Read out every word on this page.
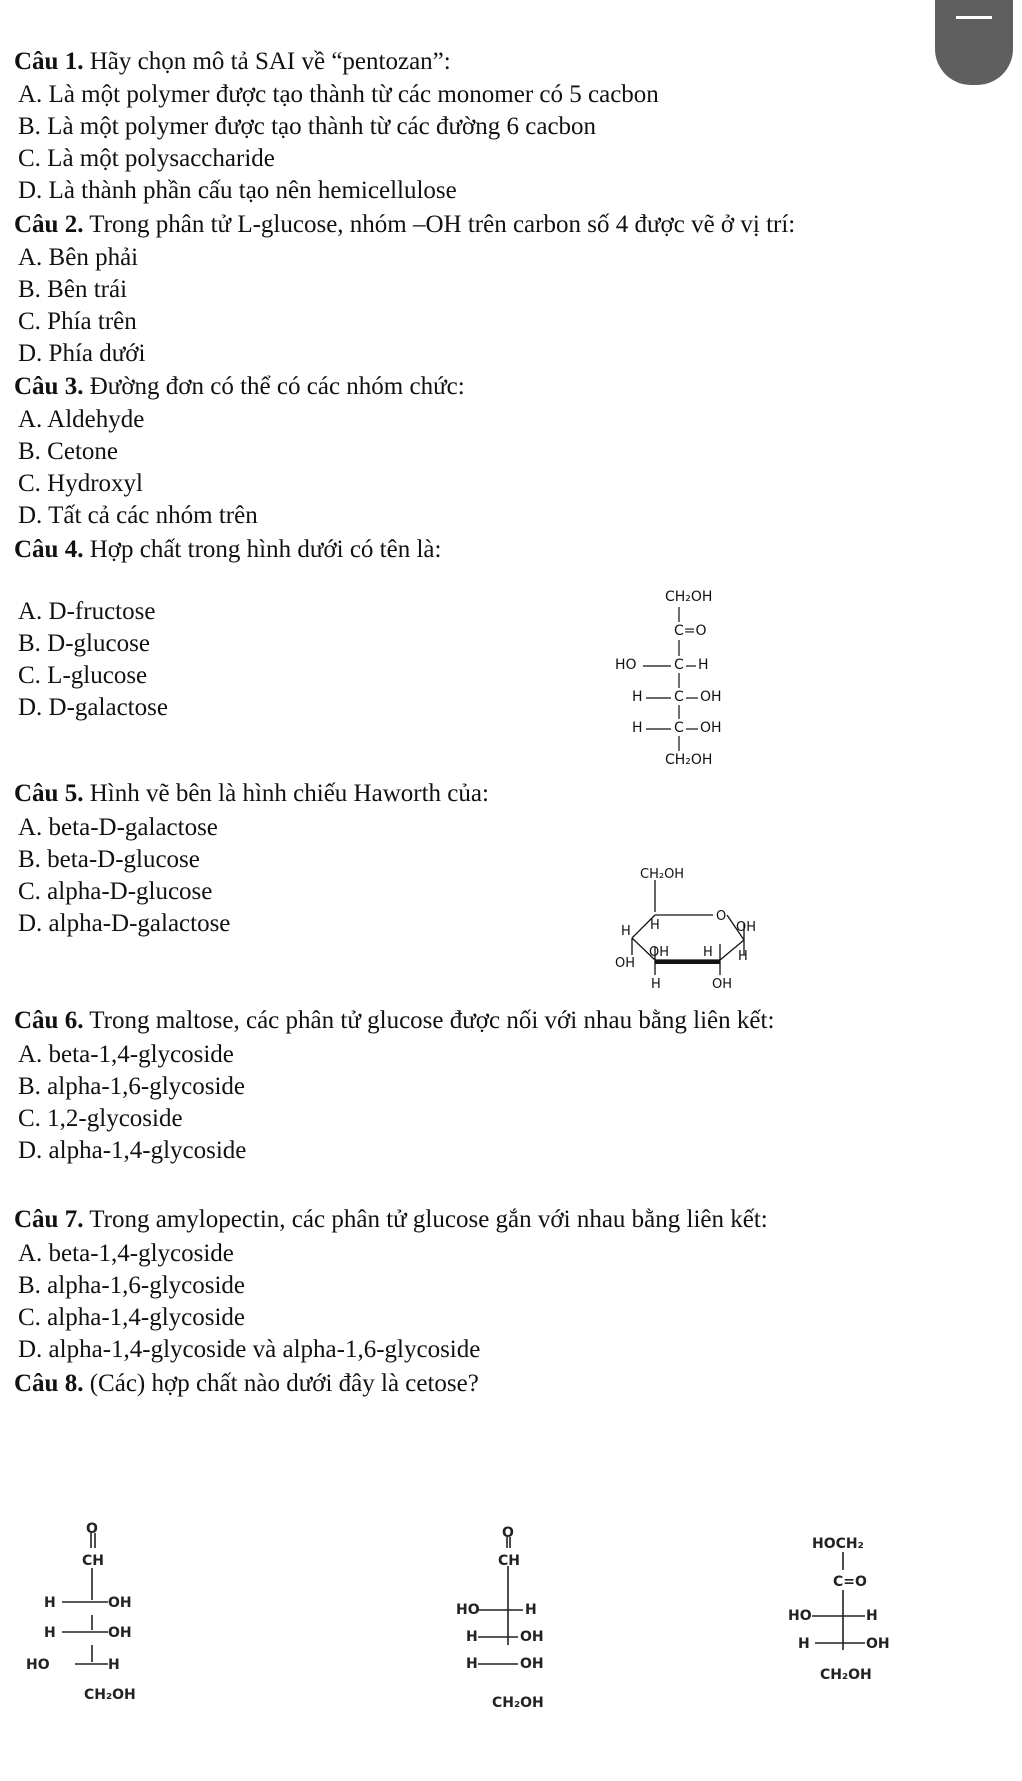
Câu 1. Hãy chọn mô tả SAI về “pentozan”:
A. Là một polymer được tạo thành từ các monomer có 5 cacbon
B. Là một polymer được tạo thành từ các đường 6 cacbon
C. Là một polysaccharide
D. Là thành phần cấu tạo nên hemicellulose
Câu 2. Trong phân tử L-glucose, nhóm –OH trên carbon số 4 được vẽ ở vị trí:
A. Bên phải
B. Bên trái
C. Phía trên
D. Phía dưới
Câu 3. Đường đơn có thể có các nhóm chức:
A. Aldehyde
B. Cetone
C. Hydroxyl
D. Tất cả các nhóm trên
Câu 4. Hợp chất trong hình dưới có tên là:
A. D-fructose
B. D-glucose
C. L-glucose
D. D-galactose
CH₂OH
C=O
HO	C H
H C OH
H C OH
CH₂OH
Câu 5. Hình vẽ bên là hình chiếu Haworth của:
A. beta-D-galactose
B. beta-D-glucose
C. alpha-D-glucose
D. alpha-D-galactose
CH₂OH
O
H H	OH
H
OH
OH	H
H	OH
Câu 6. Trong maltose, các phân tử glucose được nối với nhau bằng liên kết:
A. beta-1,4-glycoside
B. alpha-1,6-glycoside
C. 1,2-glycoside
D. alpha-1,4-glycoside
Câu 7. Trong amylopectin, các phân tử glucose gắn với nhau bằng liên kết:
A. beta-1,4-glycoside
B. alpha-1,6-glycoside
C. alpha-1,4-glycoside
D. alpha-1,4-glycoside và alpha-1,6-glycoside
Câu 8. (Các) hợp chất nào dưới đây là cetose?
O
CH
H	OH
H	OH
HO	H
CH₂OH
O
CH
HO	H
H	OH
H	OH
CH₂OH
HOCH₂
C=O
HO	H
H	OH
CH₂OH
